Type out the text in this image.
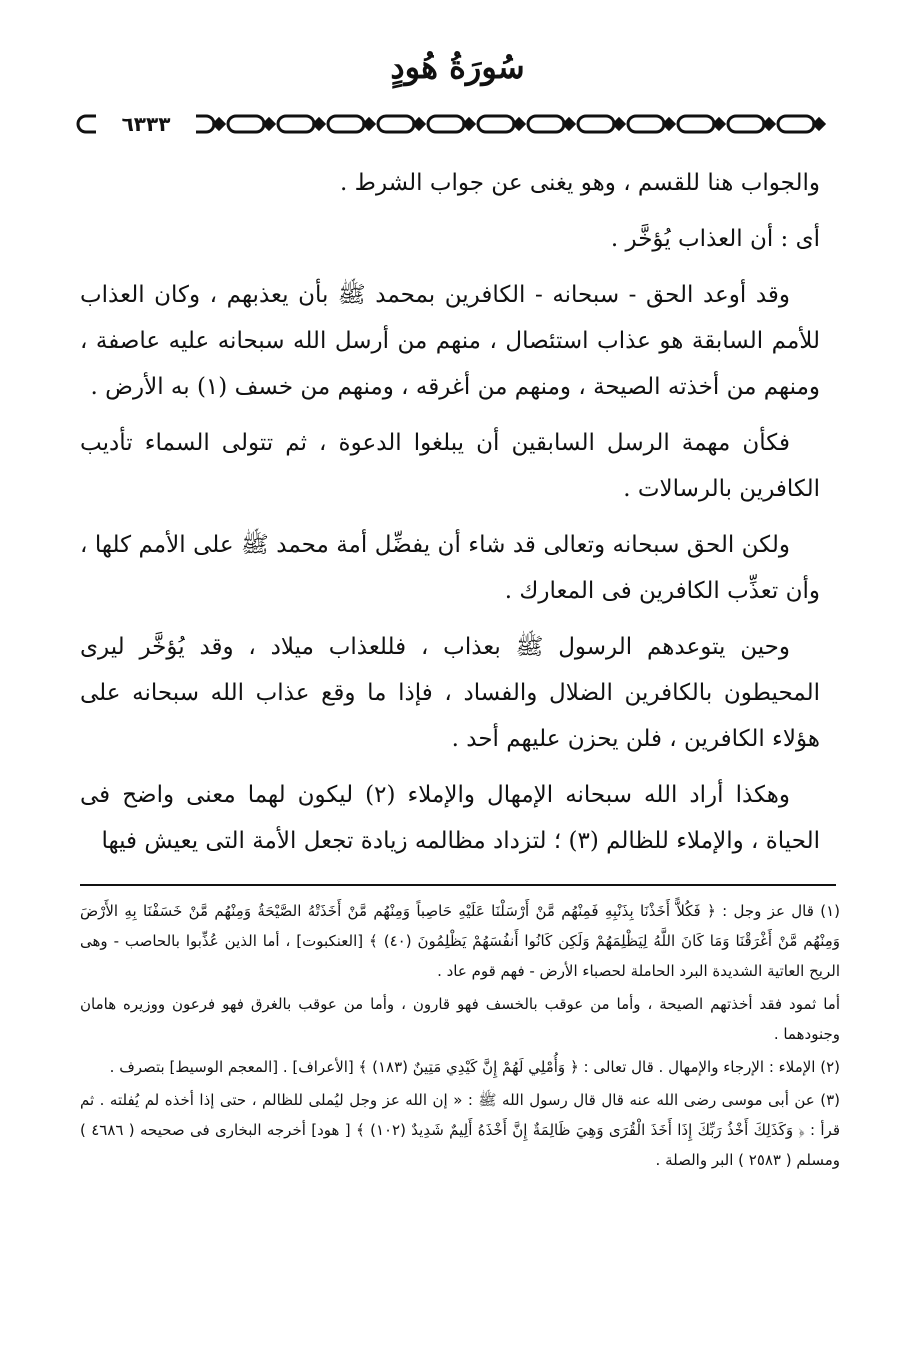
سُورَةُ هُودٍ
٦٣٣٣

والجواب هنا للقسم ، وهو يغنى عن جواب الشرط .

أى : أن العذاب يُؤخَّر .

وقد أوعد الحق - سبحانه - الكافرين بمحمد ﷺ بأن يعذبهم ، وكان العذاب للأمم السابقة هو عذاب استئصال ، منهم من أرسل الله سبحانه عليه عاصفة ، ومنهم من أخذته الصيحة ، ومنهم من أغرقه ، ومنهم من خسف (١) به الأرض .

فكأن مهمة الرسل السابقين أن يبلغوا الدعوة ، ثم تتولى السماء تأديب الكافرين بالرسالات .

ولكن الحق سبحانه وتعالى قد شاء أن يفضِّل أمة محمد ﷺ على الأمم كلها ، وأن تعذِّب الكافرين فى المعارك .

وحين يتوعدهم الرسول ﷺ بعذاب ، فللعذاب ميلاد ، وقد يُؤخَّر ليرى المحيطون بالكافرين الضلال والفساد ، فإذا ما وقع عذاب الله سبحانه على هؤلاء الكافرين ، فلن يحزن عليهم أحد .

وهكذا أراد الله سبحانه الإمهال والإملاء (٢) ليكون لهما معنى واضح فى الحياة ، والإملاء للظالم (٣) ؛ لتزداد مظالمه زيادة تجعل الأمة التى يعيش فيها

(١) قال عز وجل : ﴿ فَكُلاًّ أَخَذْنَا بِذَنْبِهِ فَمِنْهُم مَّنْ أَرْسَلْنَا عَلَيْهِ حَاصِباً وَمِنْهُم مَّنْ أَخَذَتْهُ الصَّيْحَةُ وَمِنْهُم مَّنْ خَسَفْنَا بِهِ الأَرْضَ وَمِنْهُم مَّنْ أَغْرَقْنَا وَمَا كَانَ اللَّهُ لِيَظْلِمَهُمْ وَلَكِن كَانُوا أَنفُسَهُمْ يَظْلِمُونَ (٤٠) ﴾ [العنكبوت] ، أما الذين عُذِّبوا بالحاصب - وهى الريح العاتية الشديدة البرد الحاملة لحصباء الأرض - فهم قوم عاد .

أما ثمود فقد أخذتهم الصيحة ، وأما من عوقب بالخسف فهو قارون ، وأما من عوقب بالغرق فهو فرعون ووزيره هامان وجنودهما .

(٢) الإملاء : الإرجاء والإمهال . قال تعالى : ﴿ وَأُمْلِي لَهُمْ إِنَّ كَيْدِي مَتِينٌ (١٨٣) ﴾ [الأعراف] . [المعجم الوسيط] بتصرف .

(٣) عن أبى موسى رضى الله عنه قال قال رسول الله ﷺ : « إن الله عز وجل ليُملى للظالم ، حتى إذا أخذه لم يُفلته . ثم قرأ : ﴿ وَكَذَلِكَ أَخْذُ رَبِّكَ إِذَا أَخَذَ الْقُرَى وَهِيَ ظَالِمَةٌ إِنَّ أَخْذَهُ أَلِيمٌ شَدِيدٌ (١٠٢) ﴾ [ هود] أخرجه البخارى فى صحيحه ( ٤٦٨٦ ) ومسلم ( ٢٥٨٣ ) البر والصلة .
